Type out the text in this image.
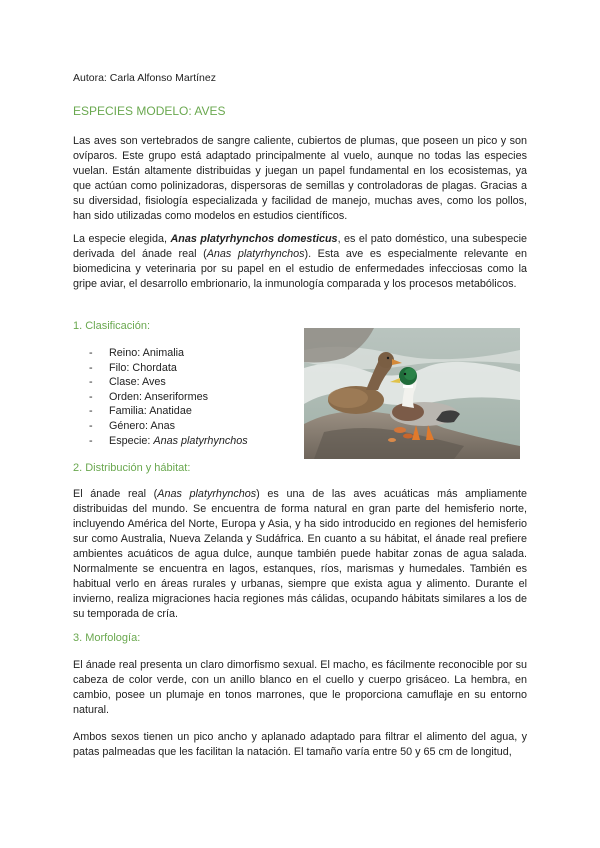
Autora: Carla Alfonso Martínez
ESPECIES MODELO: AVES

Las aves son vertebrados de sangre caliente, cubiertos de plumas, que poseen un pico y son ovíparos. Este grupo está adaptado principalmente al vuelo, aunque no todas las especies vuelan. Están altamente distribuidas y juegan un papel fundamental en los ecosistemas, ya que actúan como polinizadoras, dispersoras de semillas y controladoras de plagas. Gracias a su diversidad, fisiología especializada y facilidad de manejo, muchas aves, como los pollos, han sido utilizadas como modelos en estudios científicos.

La especie elegida, Anas platyrhynchos domesticus, es el pato doméstico, una subespecie derivada del ánade real (Anas platyrhynchos). Esta ave es especialmente relevante en biomedicina y veterinaria por su papel en el estudio de enfermedades infecciosas como la gripe aviar, el desarrollo embrionario, la inmunología comparada y los procesos metabólicos.

1. Clasificación:
- Reino: Animalia
- Filo: Chordata
- Clase: Aves
- Orden: Anseriformes
- Familia: Anatidae
- Género: Anas
- Especie: Anas platyrhynchos
2. Distribución y hábitat:

El ánade real (Anas platyrhynchos) es una de las aves acuáticas más ampliamente distribuidas del mundo. Se encuentra de forma natural en gran parte del hemisferio norte, incluyendo América del Norte, Europa y Asia, y ha sido introducido en regiones del hemisferio sur como Australia, Nueva Zelanda y Sudáfrica. En cuanto a su hábitat, el ánade real prefiere ambientes acuáticos de agua dulce, aunque también puede habitar zonas de agua salada. Normalmente se encuentra en lagos, estanques, ríos, marismas y humedales. También es habitual verlo en áreas rurales y urbanas, siempre que exista agua y alimento. Durante el invierno, realiza migraciones hacia regiones más cálidas, ocupando hábitats similares a los de su temporada de cría.

3. Morfología:

El ánade real presenta un claro dimorfismo sexual. El macho, es fácilmente reconocible por su cabeza de color verde, con un anillo blanco en el cuello y cuerpo grisáceo. La hembra, en cambio, posee un plumaje en tonos marrones, que le proporciona camuflaje en su entorno natural.

Ambos sexos tienen un pico ancho y aplanado adaptado para filtrar el alimento del agua, y patas palmeadas que les facilitan la natación. El tamaño varía entre 50 y 65 cm de longitud,
